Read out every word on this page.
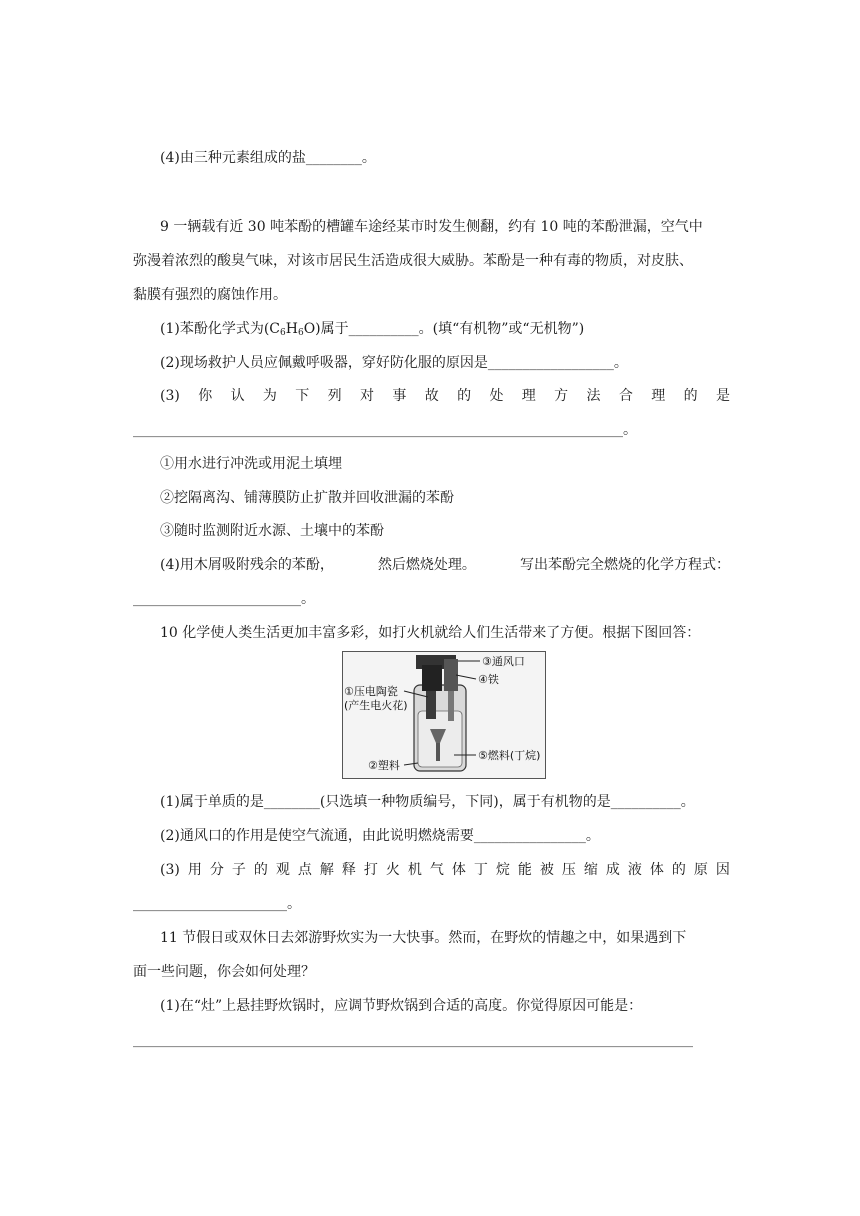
(4)由三种元素组成的盐________。
9 一辆载有近 30 吨苯酚的槽罐车途经某市时发生侧翻，约有 10 吨的苯酚泄漏，空气中
弥漫着浓烈的酸臭气味，对该市居民生活造成很大威胁。苯酚是一种有毒的物质，对皮肤、
黏膜有强烈的腐蚀作用。
(1)苯酚化学式为$(C_6H_6O)$属于__________。(填“有机物”或“无机物”)
(2)现场救护人员应佩戴呼吸器，穿好防化服的原因是__________________。
(3) 你 认 为 下 列 对 事 故 的 处 理 方 法 合 理 的 是
______________________________________________________________________。
①用水进行冲洗或用泥土填埋
②挖隔离沟、铺薄膜防止扩散并回收泄漏的苯酚
③随时监测附近水源、土壤中的苯酚
(4)用木屑吸附残余的苯酚，	然后燃烧处理。	写出苯酚完全燃烧的化学方程式：
________________________。
10 化学使人类生活更加丰富多彩，如打火机就给人们生活带来了方便。根据下图回答：
③通风口
④铁
①压电陶瓷
(产生电火花)
⑤燃料(丁烷)
②塑料
(1)属于单质的是________(只选填一种物质编号，下同)，属于有机物的是__________。
(2)通风口的作用是使空气流通，由此说明燃烧需要________________。
(3) 用 分 子 的 观 点 解 释 打 火 机 气 体 丁 烷 能 被 压 缩 成 液 体 的 原 因
______________________。
11 节假日或双休日去郊游野炊实为一大快事。然而，在野炊的情趣之中，如果遇到下
面一些问题，你会如何处理？
(1)在“灶”上悬挂野炊锅时，应调节野炊锅到合适的高度。你觉得原因可能是：
________________________________________________________________________________
